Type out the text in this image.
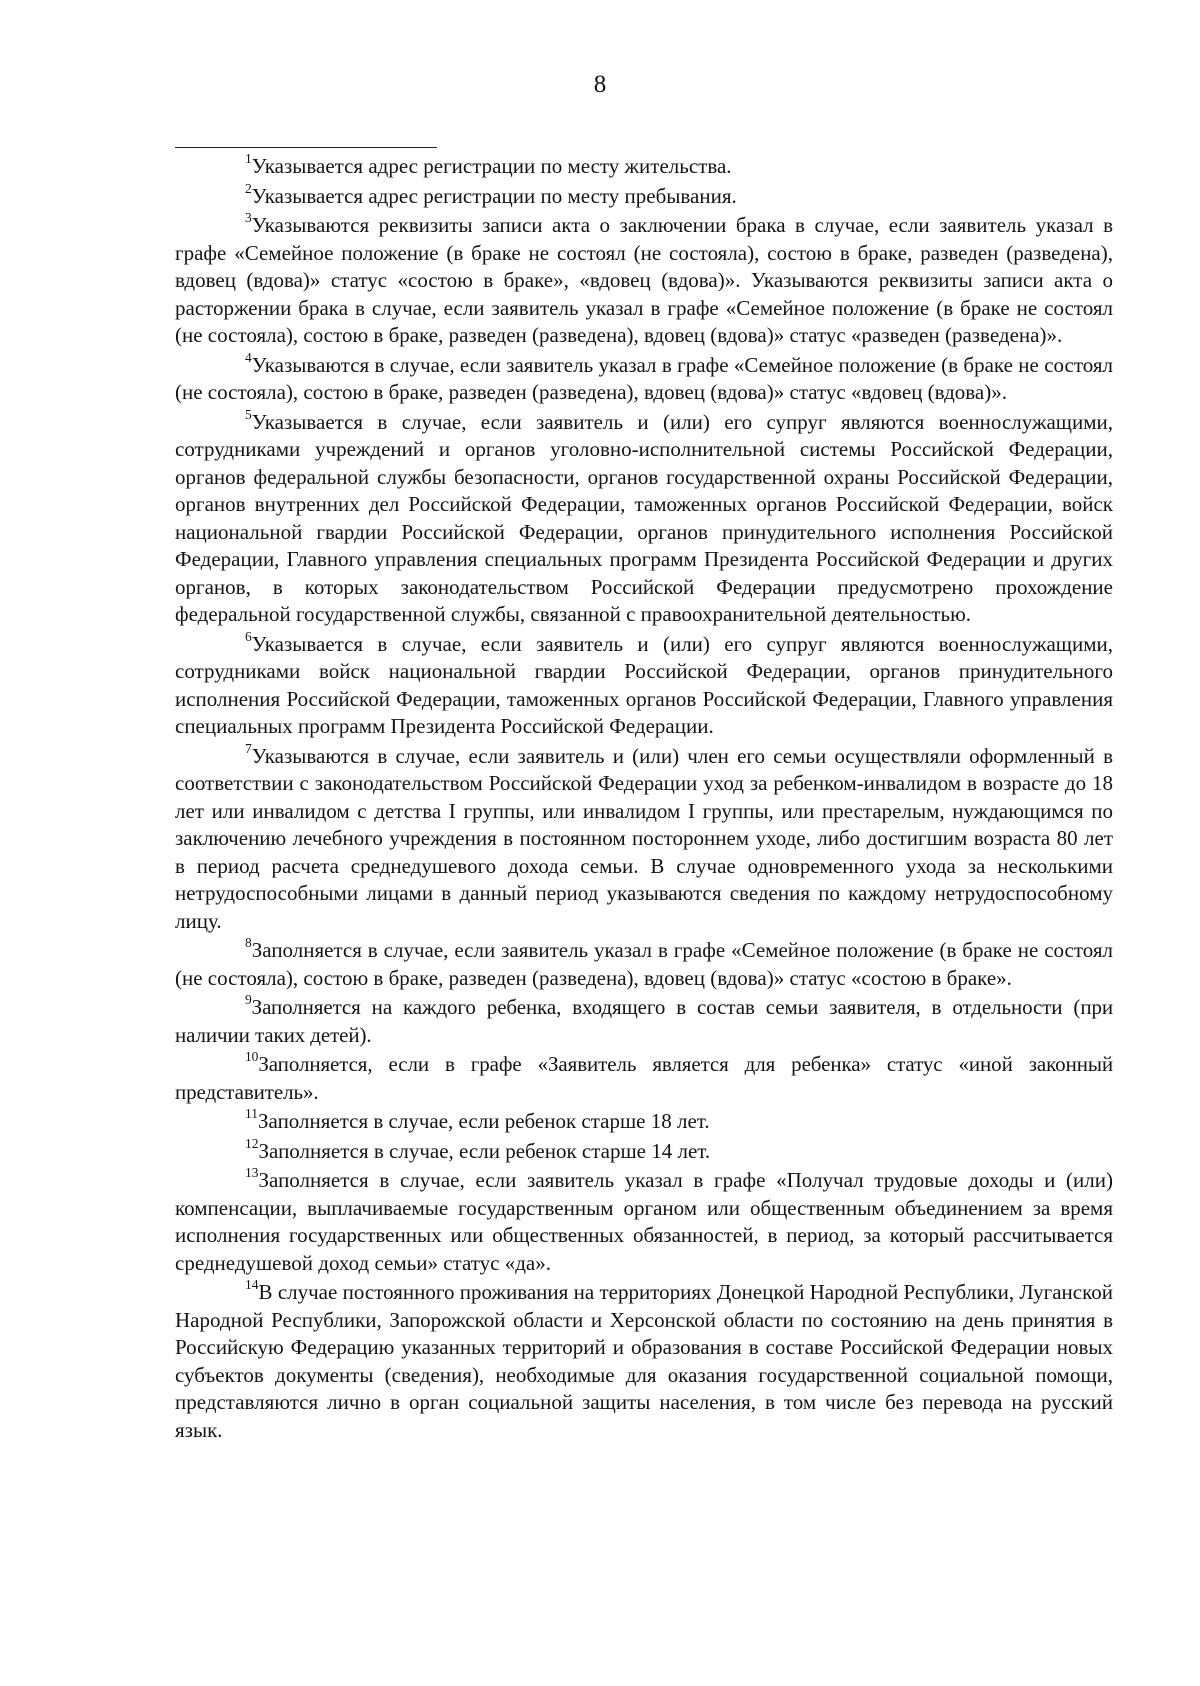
8

$^1$Указывается адрес регистрации по месту жительства.

$^2$Указывается адрес регистрации по месту пребывания.

$^3$Указываются реквизиты записи акта о заключении брака в случае, если заявитель указал в графе «Семейное положение (в браке не состоял (не состояла), состою в браке, разведен (разведена), вдовец (вдова)» статус «состою в браке», «вдовец (вдова)». Указываются реквизиты записи акта о расторжении брака в случае, если заявитель указал в графе «Семейное положение (в браке не состоял (не состояла), состою в браке, разведен (разведена), вдовец (вдова)» статус «разведен (разведена)».

$^4$Указываются в случае, если заявитель указал в графе «Семейное положение (в браке не состоял (не состояла), состою в браке, разведен (разведена), вдовец (вдова)» статус «вдовец (вдова)».

$^5$Указывается в случае, если заявитель и (или) его супруг являются военнослужащими, сотрудниками учреждений и органов уголовно-исполнительной системы Российской Федерации, органов федеральной службы безопасности, органов государственной охраны Российской Федерации, органов внутренних дел Российской Федерации, таможенных органов Российской Федерации, войск национальной гвардии Российской Федерации, органов принудительного исполнения Российской Федерации, Главного управления специальных программ Президента Российской Федерации и других органов, в которых законодательством Российской Федерации предусмотрено прохождение федеральной государственной службы, связанной с правоохранительной деятельностью.

$^6$Указывается в случае, если заявитель и (или) его супруг являются военнослужащими, сотрудниками войск национальной гвардии Российской Федерации, органов принудительного исполнения Российской Федерации, таможенных органов Российской Федерации, Главного управления специальных программ Президента Российской Федерации.

$^7$Указываются в случае, если заявитель и (или) член его семьи осуществляли оформленный в соответствии с законодательством Российской Федерации уход за ребенком-инвалидом в возрасте до 18 лет или инвалидом с детства I группы, или инвалидом I группы, или престарелым, нуждающимся по заключению лечебного учреждения в постоянном постороннем уходе, либо достигшим возраста 80 лет в период расчета среднедушевого дохода семьи. В случае одновременного ухода за несколькими нетрудоспособными лицами в данный период указываются сведения по каждому нетрудоспособному лицу.

$^8$Заполняется в случае, если заявитель указал в графе «Семейное положение (в браке не состоял (не состояла), состою в браке, разведен (разведена), вдовец (вдова)» статус «состою в браке».

$^9$Заполняется на каждого ребенка, входящего в состав семьи заявителя, в отдельности (при наличии таких детей).

$^{10}$Заполняется, если в графе «Заявитель является для ребенка» статус «иной законный представитель».

$^{11}$Заполняется в случае, если ребенок старше 18 лет.

$^{12}$Заполняется в случае, если ребенок старше 14 лет.

$^{13}$Заполняется в случае, если заявитель указал в графе «Получал трудовые доходы и (или) компенсации, выплачиваемые государственным органом или общественным объединением за время исполнения государственных или общественных обязанностей, в период, за который рассчитывается среднедушевой доход семьи» статус «да».

$^{14}$В случае постоянного проживания на территориях Донецкой Народной Республики, Луганской Народной Республики, Запорожской области и Херсонской области по состоянию на день принятия в Российскую Федерацию указанных территорий и образования в составе Российской Федерации новых субъектов документы (сведения), необходимые для оказания государственной социальной помощи, представляются лично в орган социальной защиты населения, в том числе без перевода на русский язык.
